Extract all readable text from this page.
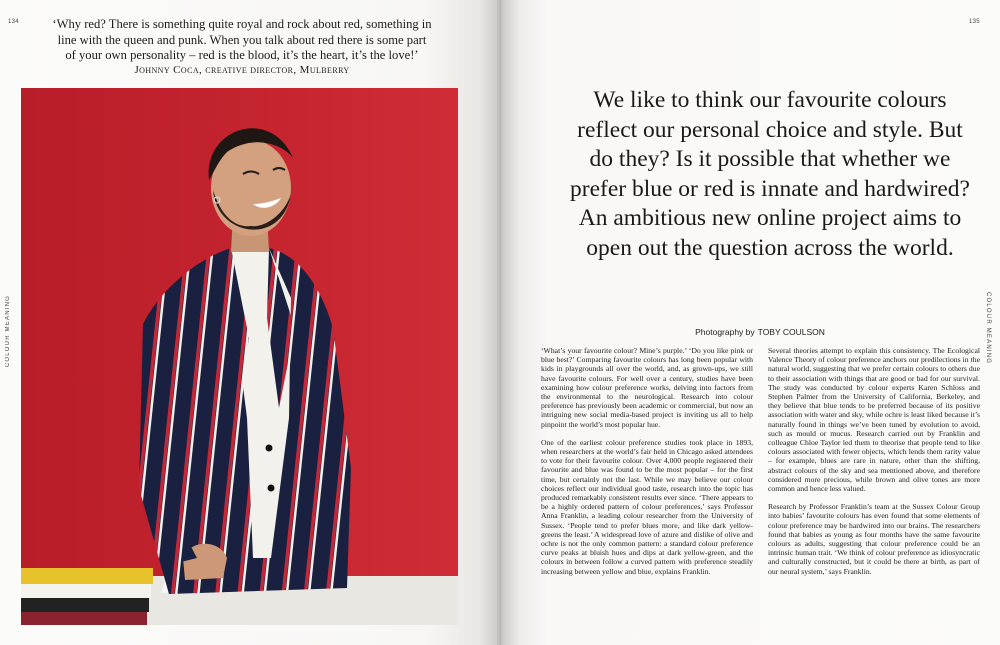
134	135
COLOUR MEANING	COLOUR MEANING
‘Why red? There is something quite royal and rock about red, something in line with the queen and punk. When you talk about red there is some part of your own personality – red is the blood, it’s the heart, it’s the love!’
Johnny Coca, creative director, Mulberry
We like to think our favourite colours reflect our personal choice and style. But do they? Is it possible that whether we prefer blue or red is innate and hardwired? An ambitious new online project aims to open out the question across the world.
Photography by TOBY COULSON

‘What’s your favourite colour? Mine’s purple.’ ‘Do you like pink or blue best?’ Comparing favourite colours has long been popular with kids in playgrounds all over the world, and, as grown-ups, we still have favourite colours. For well over a century, studies have been examining how colour preference works, delving into factors from the environmental to the neurological. Research into colour preference has previously been academic or commercial, but now an intriguing new social media-based project is inviting us all to help pinpoint the world’s most popular hue.

One of the earliest colour preference studies took place in 1893, when researchers at the world’s fair held in Chicago asked attendees to vote for their favourite colour. Over 4,000 people registered their favourite and blue was found to be the most popular – for the first time, but certainly not the last. While we may believe our colour choices reflect our individual good taste, research into the topic has produced remarkably consistent results ever since. ‘There appears to be a highly ordered pattern of colour preferences,’ says Professor Anna Franklin, a leading colour researcher from the University of Sussex. ‘People tend to prefer blues more, and like dark yellow-greens the least.’ A widespread love of azure and dislike of olive and ochre is not the only common pattern: a standard colour preference curve peaks at bluish hues and dips at dark yellow-green, and the colours in between follow a curved pattern with preference steadily increasing between yellow and blue, explains Franklin.

Several theories attempt to explain this consistency. The Ecological Valence Theory of colour preference anchors our predilections in the natural world, suggesting that we prefer certain colours to others due to their association with things that are good or bad for our survival. The study was conducted by colour experts Karen Schloss and Stephen Palmer from the University of California, Berkeley, and they believe that blue tends to be preferred because of its positive association with water and sky, while ochre is least liked because it’s naturally found in things we’ve been tuned by evolution to avoid, such as mould or mucus. Research carried out by Franklin and colleague Chloe Taylor led them to theorise that people tend to like colours associated with fewer objects, which lends them rarity value – for example, blues are rare in nature, other than the shifting, abstract colours of the sky and sea mentioned above, and therefore considered more precious, while brown and olive tones are more common and hence less valued.

Research by Professor Franklin’s team at the Sussex Colour Group into babies’ favourite colours has even found that some elements of colour preference may be hardwired into our brains. The researchers found that babies as young as four months have the same favourite colours as adults, suggesting that colour preference could be an intrinsic human trait. ‘We think of colour preference as idiosyncratic and culturally constructed, but it could be there at birth, as part of our neural system,’ says Franklin.
